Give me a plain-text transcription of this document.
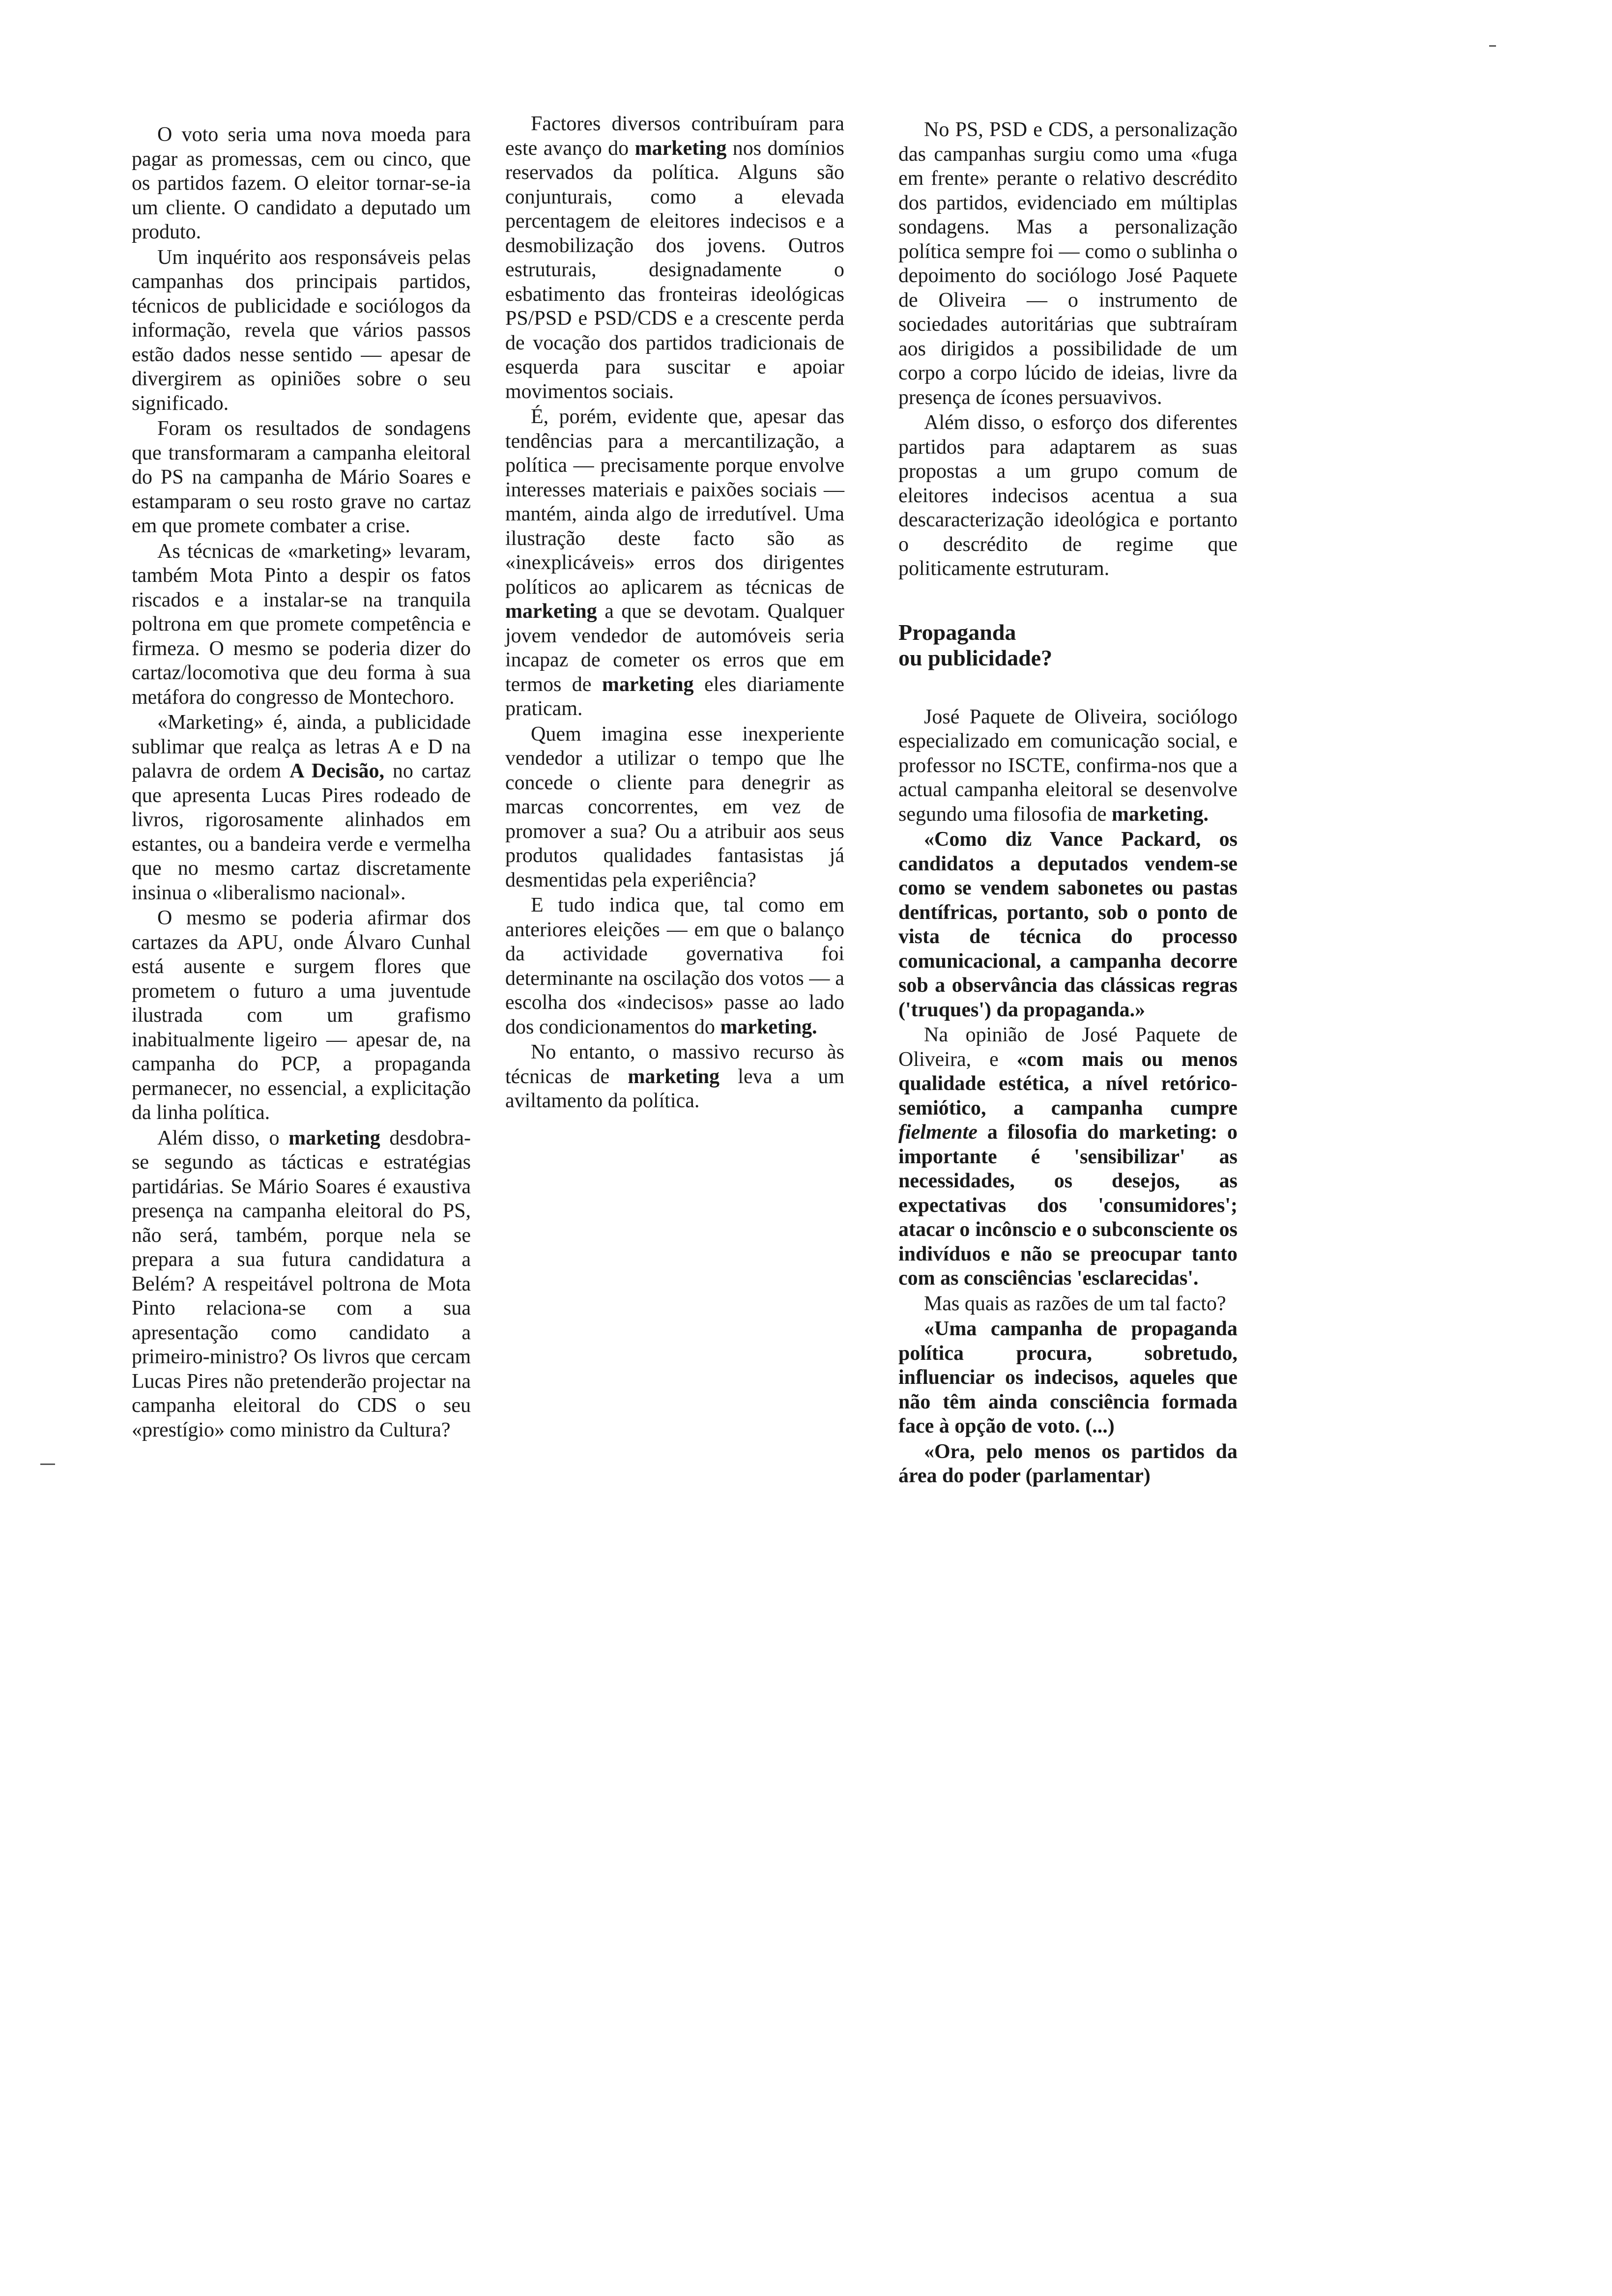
O voto seria uma nova moeda para pagar as promessas, cem ou cinco, que os partidos fazem. O eleitor tornar-se-ia um cliente. O candidato a deputado um produto.

Um inquérito aos responsáveis pelas campanhas dos principais partidos, técnicos de publicidade e sociólogos da informação, revela que vários passos estão dados nesse sentido — apesar de divergirem as opiniões sobre o seu significado.

Foram os resultados de sondagens que transformaram a campanha eleitoral do PS na campanha de Mário Soares e estamparam o seu rosto grave no cartaz em que promete combater a crise.

As técnicas de «marketing» levaram, também Mota Pinto a despir os fatos riscados e a instalar-se na tranquila poltrona em que promete competência e firmeza. O mesmo se poderia dizer do cartaz/locomotiva que deu forma à sua metáfora do congresso de Montechoro.

«Marketing» é, ainda, a publicidade sublimar que realça as letras A e D na palavra de ordem A Decisão, no cartaz que apresenta Lucas Pires rodeado de livros, rigorosamente alinhados em estantes, ou a bandeira verde e vermelha que no mesmo cartaz discretamente insinua o «liberalismo nacional».

O mesmo se poderia afirmar dos cartazes da APU, onde Álvaro Cunhal está ausente e surgem flores que prometem o futuro a uma juventude ilustrada com um grafismo inabitualmente ligeiro — apesar de, na campanha do PCP, a propaganda permanecer, no essencial, a explicitação da linha política.

Além disso, o marketing desdobra-se segundo as tácticas e estratégias partidárias. Se Mário Soares é exaustiva presença na campanha eleitoral do PS, não será, também, porque nela se prepara a sua futura candidatura a Belém? A respeitável poltrona de Mota Pinto relaciona-se com a sua apresentação como candidato a primeiro-ministro? Os livros que cercam Lucas Pires não pretenderão projectar na campanha eleitoral do CDS o seu «prestígio» como ministro da Cultura?

Factores diversos contribuíram para este avanço do marketing nos domínios reservados da política. Alguns são conjunturais, como a elevada percentagem de eleitores indecisos e a desmobilização dos jovens. Outros estruturais, designadamente o esbatimento das fronteiras ideológicas PS/PSD e PSD/CDS e a crescente perda de vocação dos partidos tradicionais de esquerda para suscitar e apoiar movimentos sociais.

É, porém, evidente que, apesar das tendências para a mercantilização, a política — precisamente porque envolve interesses materiais e paixões sociais — mantém, ainda algo de irredutível. Uma ilustração deste facto são as «inexplicáveis» erros dos dirigentes políticos ao aplicarem as técnicas de marketing a que se devotam. Qualquer jovem vendedor de automóveis seria incapaz de cometer os erros que em termos de marketing eles diariamente praticam.

Quem imagina esse inexperiente vendedor a utilizar o tempo que lhe concede o cliente para denegrir as marcas concorrentes, em vez de promover a sua? Ou a atribuir aos seus produtos qualidades fantasistas já desmentidas pela experiência?

E tudo indica que, tal como em anteriores eleições — em que o balanço da actividade governativa foi determinante na oscilação dos votos — a escolha dos «indecisos» passe ao lado dos condicionamentos do marketing.

No entanto, o massivo recurso às técnicas de marketing leva a um aviltamento da política.

No PS, PSD e CDS, a personalização das campanhas surgiu como uma «fuga em frente» perante o relativo descrédito dos partidos, evidenciado em múltiplas sondagens. Mas a personalização política sempre foi — como o sublinha o depoimento do sociólogo José Paquete de Oliveira — o instrumento de sociedades autoritárias que subtraíram aos dirigidos a possibilidade de um corpo a corpo lúcido de ideias, livre da presença de ícones persuavivos.

Além disso, o esforço dos diferentes partidos para adaptarem as suas propostas a um grupo comum de eleitores indecisos acentua a sua descaracterização ideológica e portanto o descrédito de regime que politicamente estruturam.

Propaganda
ou publicidade?

José Paquete de Oliveira, sociólogo especializado em comunicação social, e professor no ISCTE, confirma-nos que a actual campanha eleitoral se desenvolve segundo uma filosofia de marketing.

«Como diz Vance Packard, os candidatos a deputados vendem-se como se vendem sabonetes ou pastas dentífricas, portanto, sob o ponto de vista de técnica do processo comunicacional, a campanha decorre sob a observância das clássicas regras ('truques') da propaganda.»

Na opinião de José Paquete de Oliveira, e «com mais ou menos qualidade estética, a nível retórico-semiótico, a campanha cumpre fielmente a filosofia do marketing: o importante é 'sensibilizar' as necessidades, os desejos, as expectativas dos 'consumidores'; atacar o incônscio e o subconsciente os indivíduos e não se preocupar tanto com as consciências 'esclarecidas'.

Mas quais as razões de um tal facto?

«Uma campanha de propaganda política procura, sobretudo, influenciar os indecisos, aqueles que não têm ainda consciência formada face à opção de voto. (...)

«Ora, pelo menos os partidos da área do poder (parlamentar)
